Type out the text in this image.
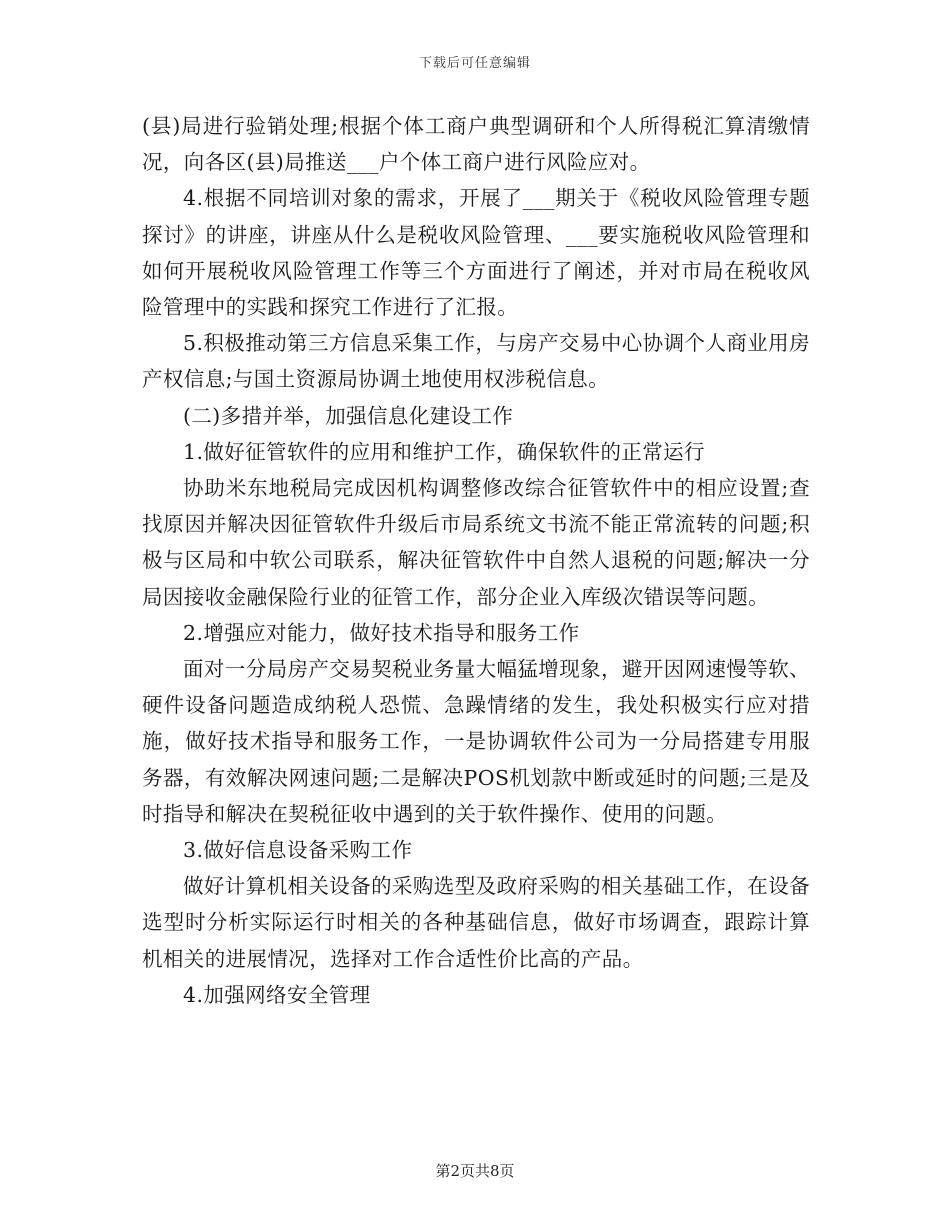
下载后可任意编辑

(县)局进行验销处理;根据个体工商户典型调研和个人所得税汇算清缴情况，向各区(县)局推送___户个体工商户进行风险应对。

4.根据不同培训对象的需求，开展了___期关于《税收风险管理专题探讨》的讲座，讲座从什么是税收风险管理、___要实施税收风险管理和如何开展税收风险管理工作等三个方面进行了阐述，并对市局在税收风险管理中的实践和探究工作进行了汇报。

5.积极推动第三方信息采集工作，与房产交易中心协调个人商业用房产权信息;与国土资源局协调土地使用权涉税信息。

(二)多措并举，加强信息化建设工作

1.做好征管软件的应用和维护工作，确保软件的正常运行

协助米东地税局完成因机构调整修改综合征管软件中的相应设置;查找原因并解决因征管软件升级后市局系统文书流不能正常流转的问题;积极与区局和中软公司联系，解决征管软件中自然人退税的问题;解决一分局因接收金融保险行业的征管工作，部分企业入库级次错误等问题。

2.增强应对能力，做好技术指导和服务工作

面对一分局房产交易契税业务量大幅猛增现象，避开因网速慢等软、硬件设备问题造成纳税人恐慌、急躁情绪的发生，我处积极实行应对措施，做好技术指导和服务工作，一是协调软件公司为一分局搭建专用服务器，有效解决网速问题;二是解决POS机划款中断或延时的问题;三是及时指导和解决在契税征收中遇到的关于软件操作、使用的问题。

3.做好信息设备采购工作

做好计算机相关设备的采购选型及政府采购的相关基础工作，在设备选型时分析实际运行时相关的各种基础信息，做好市场调查，跟踪计算机相关的进展情况，选择对工作合适性价比高的产品。

4.加强网络安全管理

第2页共8页
